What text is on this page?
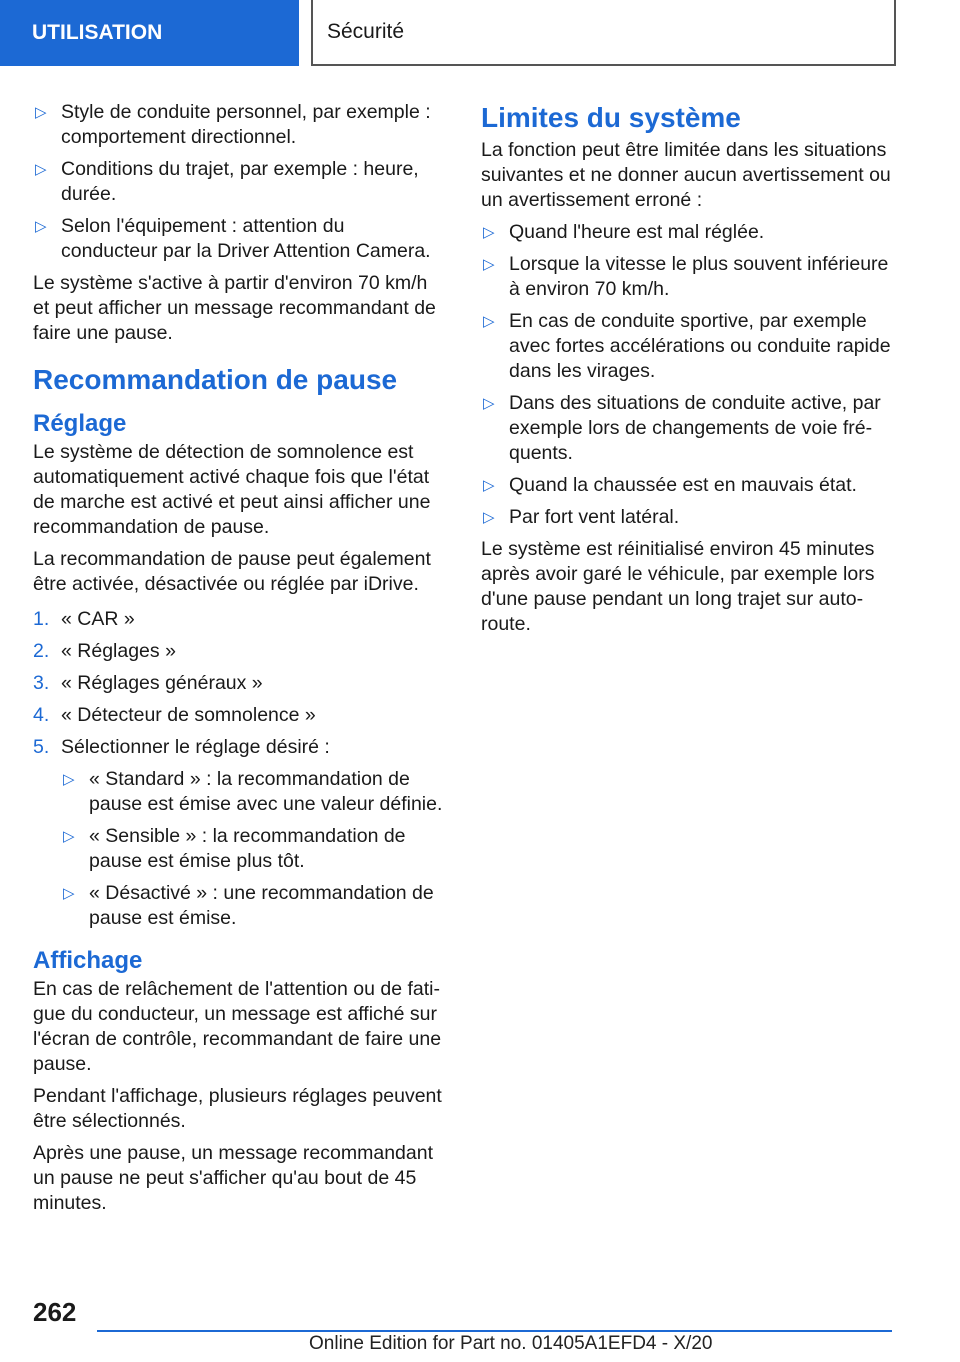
UTILISATION	Sécurité
▷ Style de conduite personnel, par exemple : comportement directionnel.
▷ Conditions du trajet, par exemple : heure, durée.
▷ Selon l'équipement : attention du conducteur par la Driver Attention Camera.

Le système s'active à partir d'environ 70 km/h et peut afficher un message recommandant de faire une pause.

Recommandation de pause
Réglage

Le système de détection de somnolence est automatiquement activé chaque fois que l'état de marche est activé et peut ainsi afficher une recommandation de pause.

La recommandation de pause peut également être activée, désactivée ou réglée par iDrive.

1. « CAR »
2. « Réglages »
3. « Réglages généraux »
4. « Détecteur de somnolence »
5. Sélectionner le réglage désiré :
▷ « Standard » : la recommandation de pause est émise avec une valeur définie.
▷ « Sensible » : la recommandation de pause est émise plus tôt.
▷ « Désactivé » : une recommandation de pause est émise.
Affichage

En cas de relâchement de l'attention ou de fatigue du conducteur, un message est affiché sur l'écran de contrôle, recommandant de faire une pause.

Pendant l'affichage, plusieurs réglages peuvent être sélectionnés.

Après une pause, un message recommandant un pause ne peut s'afficher qu'au bout de 45 minutes.

Limites du système

La fonction peut être limitée dans les situations suivantes et ne donner aucun avertissement ou un avertissement erroné :

▷ Quand l'heure est mal réglée.
▷ Lorsque la vitesse le plus souvent inférieure à environ 70 km/h.
▷ En cas de conduite sportive, par exemple avec fortes accélérations ou conduite rapide dans les virages.
▷ Dans des situations de conduite active, par exemple lors de changements de voie fréquents.
▷ Quand la chaussée est en mauvais état.
▷ Par fort vent latéral.

Le système est réinitialisé environ 45 minutes après avoir garé le véhicule, par exemple lors d'une pause pendant un long trajet sur autoroute.

262
Online Edition for Part no. 01405A1EFD4 - X/20
